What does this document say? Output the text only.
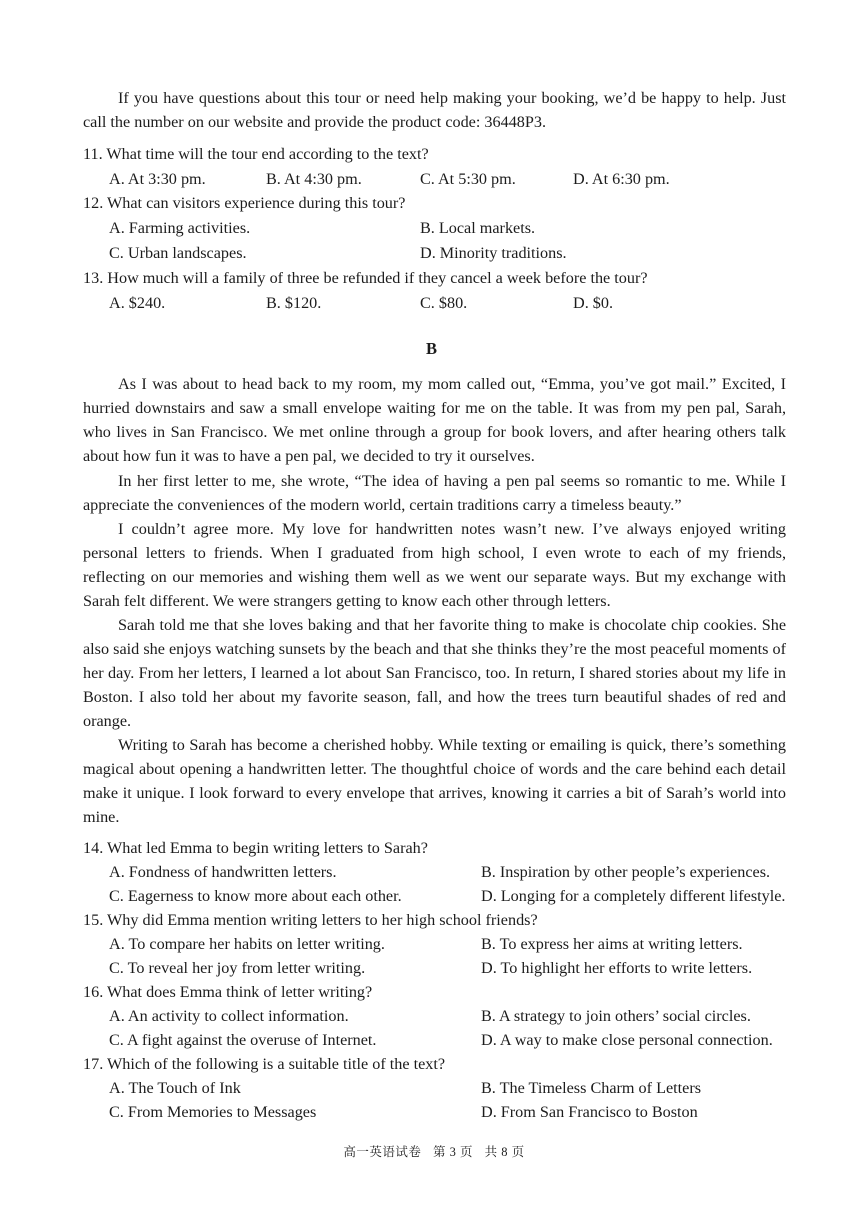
If you have questions about this tour or need help making your booking, we’d be happy to help. Just call the number on our website and provide the product code: 36448P3.

11. What time will the tour end according to the text?
A. At 3:30 pm.	B. At 4:30 pm.	C. At 5:30 pm.	D. At 6:30 pm.
12. What can visitors experience during this tour?
A. Farming activities.	B. Local markets.
C. Urban landscapes.	D. Minority traditions.
13. How much will a family of three be refunded if they cancel a week before the tour?
A. $240.	B. $120.	C. $80.	D. $0.
B

As I was about to head back to my room, my mom called out, “Emma, you’ve got mail.” Excited, I hurried downstairs and saw a small envelope waiting for me on the table. It was from my pen pal, Sarah, who lives in San Francisco. We met online through a group for book lovers, and after hearing others talk about how fun it was to have a pen pal, we decided to try it ourselves.

In her first letter to me, she wrote, “The idea of having a pen pal seems so romantic to me. While I appreciate the conveniences of the modern world, certain traditions carry a timeless beauty.”

I couldn’t agree more. My love for handwritten notes wasn’t new. I’ve always enjoyed writing personal letters to friends. When I graduated from high school, I even wrote to each of my friends, reflecting on our memories and wishing them well as we went our separate ways. But my exchange with Sarah felt different. We were strangers getting to know each other through letters.

Sarah told me that she loves baking and that her favorite thing to make is chocolate chip cookies. She also said she enjoys watching sunsets by the beach and that she thinks they’re the most peaceful moments of her day. From her letters, I learned a lot about San Francisco, too. In return, I shared stories about my life in Boston. I also told her about my favorite season, fall, and how the trees turn beautiful shades of red and orange.

Writing to Sarah has become a cherished hobby. While texting or emailing is quick, there’s something magical about opening a handwritten letter. The thoughtful choice of words and the care behind each detail make it unique. I look forward to every envelope that arrives, knowing it carries a bit of Sarah’s world into mine.

14. What led Emma to begin writing letters to Sarah?
A. Fondness of handwritten letters.	B. Inspiration by other people’s experiences.
C. Eagerness to know more about each other.	D. Longing for a completely different lifestyle.
15. Why did Emma mention writing letters to her high school friends?
A. To compare her habits on letter writing.	B. To express her aims at writing letters.
C. To reveal her joy from letter writing.	D. To highlight her efforts to write letters.
16. What does Emma think of letter writing?
A. An activity to collect information.	B. A strategy to join others’ social circles.
C. A fight against the overuse of Internet.	D. A way to make close personal connection.
17. Which of the following is a suitable title of the text?
A. The Touch of Ink	B. The Timeless Charm of Letters
C. From Memories to Messages	D. From San Francisco to Boston
高一英语试卷 第 3 页 共 8 页
